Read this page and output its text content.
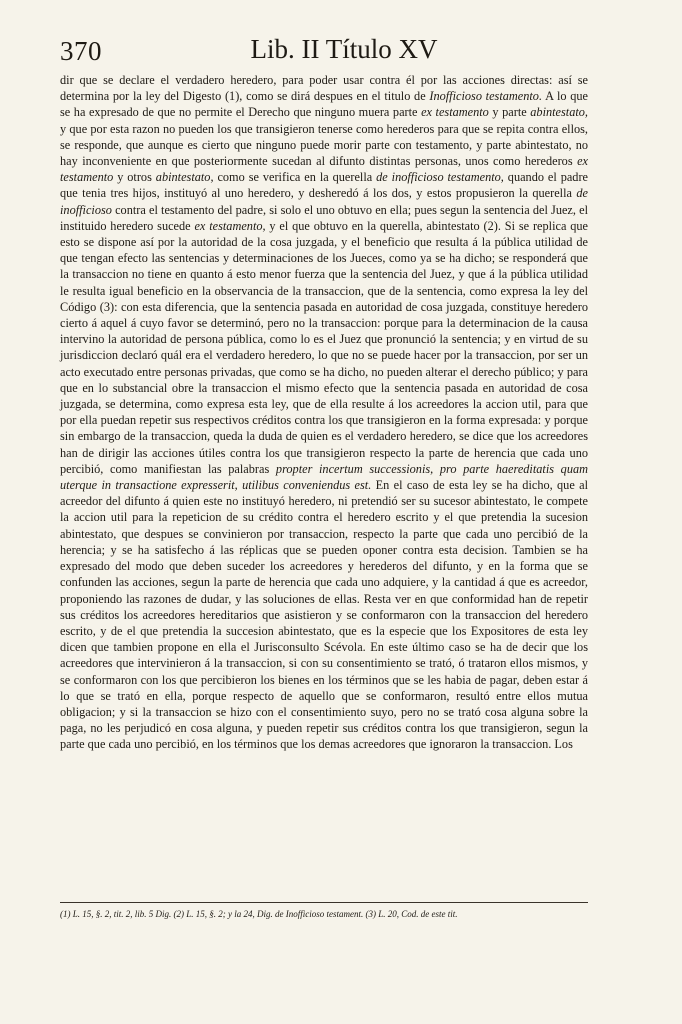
370	Lib. II Título XV

dir que se declare el verdadero heredero, para poder usar contra él por las acciones directas: así se determina por la ley del Digesto (1), como se dirá despues en el titulo de Inofficioso testamento. A lo que se ha expresado de que no permite el Derecho que ninguno muera parte ex testamento y parte abintestato, y que por esta razon no pueden los que transigieron tenerse como herederos para que se repita contra ellos, se responde, que aunque es cierto que ninguno puede morir parte con testamento, y parte abintestato, no hay inconveniente en que posteriormente sucedan al difunto distintas personas, unos como herederos ex testamento y otros abintestato, como se verifica en la querella de inofficioso testamento, quando el padre que tenia tres hijos, instituyó al uno heredero, y desheredó á los dos, y estos propusieron la querella de inofficioso contra el testamento del padre, si solo el uno obtuvo en ella; pues segun la sentencia del Juez, el instituido heredero sucede ex testamento, y el que obtuvo en la querella, abintestato (2). Si se replica que esto se dispone así por la autoridad de la cosa juzgada, y el beneficio que resulta á la pública utilidad de que tengan efecto las sentencias y determinaciones de los Jueces, como ya se ha dicho; se responderá que la transaccion no tiene en quanto á esto menor fuerza que la sentencia del Juez, y que á la pública utilidad le resulta igual beneficio en la observancia de la transaccion, que de la sentencia, como expresa la ley del Código (3): con esta diferencia, que la sentencia pasada en autoridad de cosa juzgada, constituye heredero cierto á aquel á cuyo favor se determinó, pero no la transaccion: porque para la determinacion de la causa intervino la autoridad de persona pública, como lo es el Juez que pronunció la sentencia; y en virtud de su jurisdiccion declaró quál era el verdadero heredero, lo que no se puede hacer por la transaccion, por ser un acto executado entre personas privadas, que como se ha dicho, no pueden alterar el derecho público; y para que en lo substancial obre la transaccion el mismo efecto que la sentencia pasada en autoridad de cosa juzgada, se determina, como expresa esta ley, que de ella resulte á los acreedores la accion util, para que por ella puedan repetir sus respectivos créditos contra los que transigieron en la forma expresada: y porque sin embargo de la transaccion, queda la duda de quien es el verdadero heredero, se dice que los acreedores han de dirigir las acciones útiles contra los que transigieron respecto la parte de herencia que cada uno percibió, como manifiestan las palabras propter incertum successionis, pro parte haereditatis quam uterque in transactione expresserit, utilibus conveniendus est. En el caso de esta ley se ha dicho, que al acreedor del difunto á quien este no instituyó heredero, ni pretendió ser su sucesor abintestato, le compete la accion util para la repeticion de su crédito contra el heredero escrito y el que pretendia la sucesion abintestato, que despues se convinieron por transaccion, respecto la parte que cada uno percibió de la herencia; y se ha satisfecho á las réplicas que se pueden oponer contra esta decision. Tambien se ha expresado del modo que deben suceder los acreedores y herederos del difunto, y en la forma que se confunden las acciones, segun la parte de herencia que cada uno adquiere, y la cantidad á que es acreedor, proponiendo las razones de dudar, y las soluciones de ellas. Resta ver en que conformidad han de repetir sus créditos los acreedores hereditarios que asistieron y se conformaron con la transaccion del heredero escrito, y de el que pretendia la succesion abintestato, que es la especie que los Expositores de esta ley dicen que tambien propone en ella el Jurisconsulto Scévola. En este último caso se ha de decir que los acreedores que intervinieron á la transaccion, si con su consentimiento se trató, ó trataron ellos mismos, y se conformaron con los que percibieron los bienes en los términos que se les habia de pagar, deben estar á lo que se trató en ella, porque respecto de aquello que se conformaron, resultó entre ellos mutua obligacion; y si la transaccion se hizo con el consentimiento suyo, pero no se trató cosa alguna sobre la paga, no les perjudicó en cosa alguna, y pueden repetir sus créditos contra los que transigieron, segun la parte que cada uno percibió, en los términos que los demas acreedores que ignoraron la transaccion. Los

(1) L. 15, §. 2, tit. 2, lib. 5 Dig. (2) L. 15, §. 2; y la 24, Dig. de Inofficioso testament. (3) L. 20, Cod. de este tit.
